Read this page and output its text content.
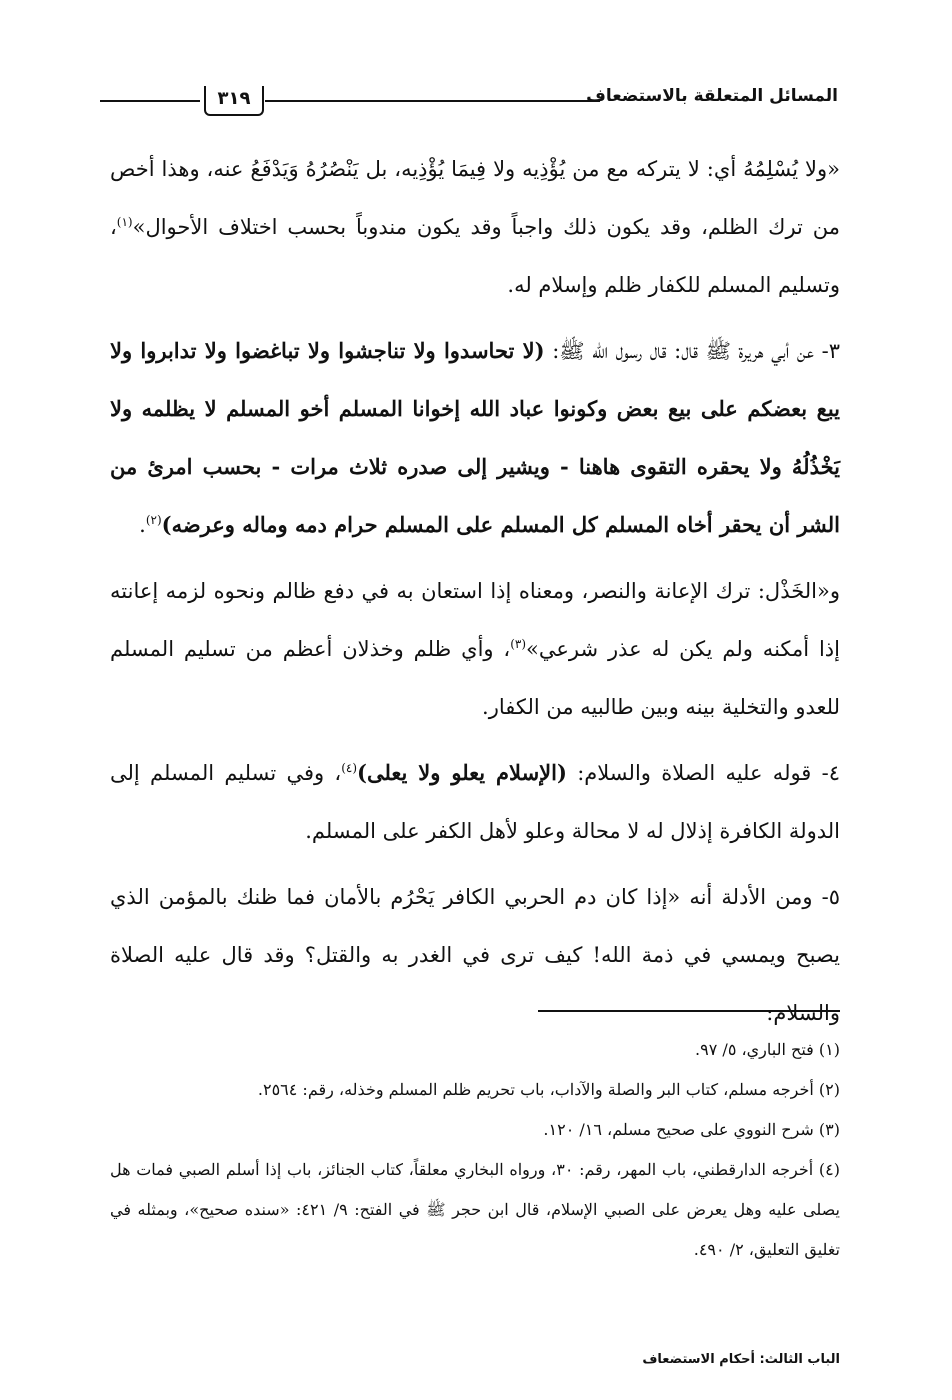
المسائل المتعلقة بالاستضعاف
٣١٩

«ولا يُسْلِمُهُ أي: لا يتركه مع من يُؤْذِيه ولا فِيمَا يُؤْذِيه، بل يَنْصُرُهُ وَيَدْفَعُ عنه، وهذا أخص من ترك الظلم، وقد يكون ذلك واجباً وقد يكون مندوباً بحسب اختلاف الأحوال»$^{(١)}$، وتسليم المسلم للكفار ظلم وإسلام له.

٣- عن أبي هريرة ﷺ قال: قال رسول الله ﷺ: (لا تحاسدوا ولا تناجشوا ولا تباغضوا ولا تدابروا ولا يبع بعضكم على بيع بعض وكونوا عباد الله إخوانا المسلم أخو المسلم لا يظلمه ولا يَخْذُلُهُ ولا يحقره التقوى هاهنا - ويشير إلى صدره ثلاث مرات - بحسب امرئ من الشر أن يحقر أخاه المسلم كل المسلم على المسلم حرام دمه وماله وعرضه)$^{(٢)}$.

و«الخَذْل: ترك الإعانة والنصر، ومعناه إذا استعان به في دفع ظالم ونحوه لزمه إعانته إذا أمكنه ولم يكن له عذر شرعي»$^{(٣)}$، وأي ظلم وخذلان أعظم من تسليم المسلم للعدو والتخلية بينه وبين طالبيه من الكفار.

٤- قوله عليه الصلاة والسلام: (الإسلام يعلو ولا يعلى)$^{(٤)}$، وفي تسليم المسلم إلى الدولة الكافرة إذلال له لا محالة وعلو لأهل الكفر على المسلم.

٥- ومن الأدلة أنه «إذا كان دم الحربي الكافر يَحْرُم بالأمان فما ظنك بالمؤمن الذي يصبح ويمسي في ذمة الله! كيف ترى في الغدر به والقتل؟ وقد قال عليه الصلاة والسلام:

(١) فتح الباري، ٥/ ٩٧.

(٢) أخرجه مسلم، كتاب البر والصلة والآداب، باب تحريم ظلم المسلم وخذله، رقم: ٢٥٦٤.

(٣) شرح النووي على صحيح مسلم، ١٦/ ١٢٠.

(٤) أخرجه الدارقطني، باب المهر، رقم: ٣٠، ورواه البخاري معلقاً، كتاب الجنائز، باب إذا أسلم الصبي فمات هل يصلى عليه وهل يعرض على الصبي الإسلام، قال ابن حجر ﷺ في الفتح: ٩/ ٤٢١: «سنده صحيح»، وبمثله في تغليق التعليق، ٢/ ٤٩٠.

الباب الثالث: أحكام الاستضعاف
